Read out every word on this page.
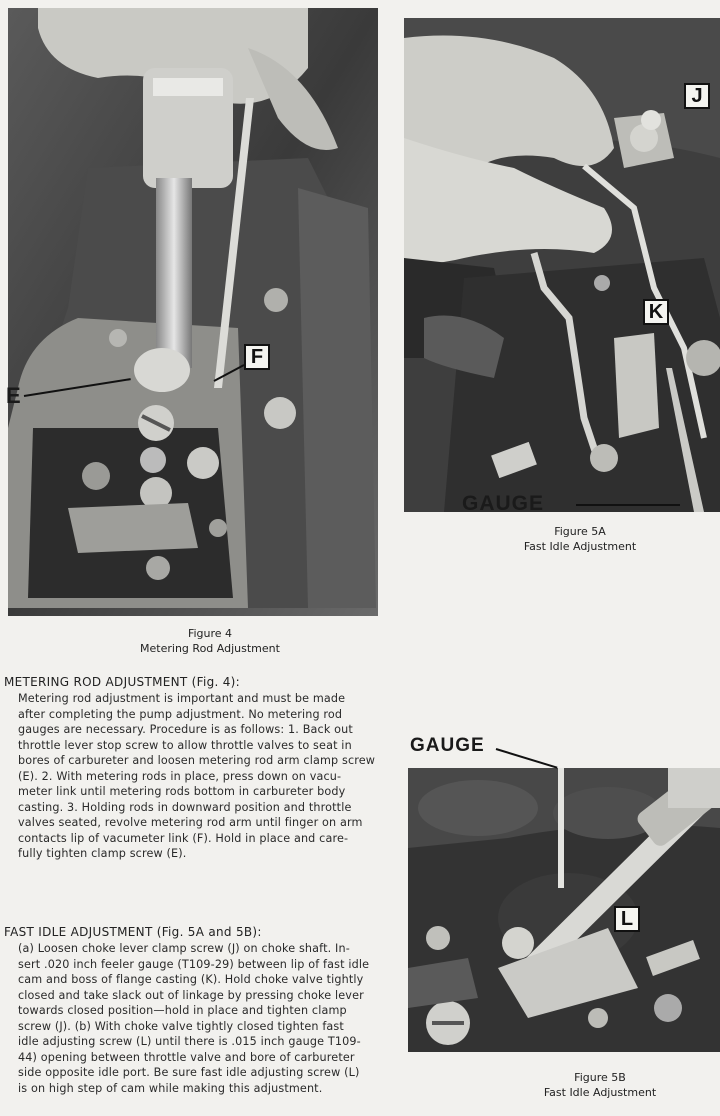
E
F
Figure 4
Metering Rod Adjustment
J
K
GAUGE
Figure 5A
Fast Idle Adjustment
GAUGE
L
Figure 5B
Fast Idle Adjustment
METERING ROD ADJUSTMENT (Fig. 4):
Metering rod adjustment is important and must be made
after completing the pump adjustment. No metering rod
gauges are necessary. Procedure is as follows: 1. Back out
throttle lever stop screw to allow throttle valves to seat in
bores of carbureter and loosen metering rod arm clamp screw
(E). 2. With metering rods in place, press down on vacu-
meter link until metering rods bottom in carbureter body
casting. 3. Holding rods in downward position and throttle
valves seated, revolve metering rod arm until finger on arm
contacts lip of vacumeter link (F). Hold in place and care-
fully tighten clamp screw (E).
FAST IDLE ADJUSTMENT (Fig. 5A and 5B):
(a) Loosen choke lever clamp screw (J) on choke shaft. In-
sert .020 inch feeler gauge (T109-29) between lip of fast idle
cam and boss of flange casting (K). Hold choke valve tightly
closed and take slack out of linkage by pressing choke lever
towards closed position—hold in place and tighten clamp
screw (J). (b) With choke valve tightly closed tighten fast
idle adjusting screw (L) until there is .015 inch gauge T109-
44) opening between throttle valve and bore of carbureter
side opposite idle port. Be sure fast idle adjusting screw (L)
is on high step of cam while making this adjustment.
